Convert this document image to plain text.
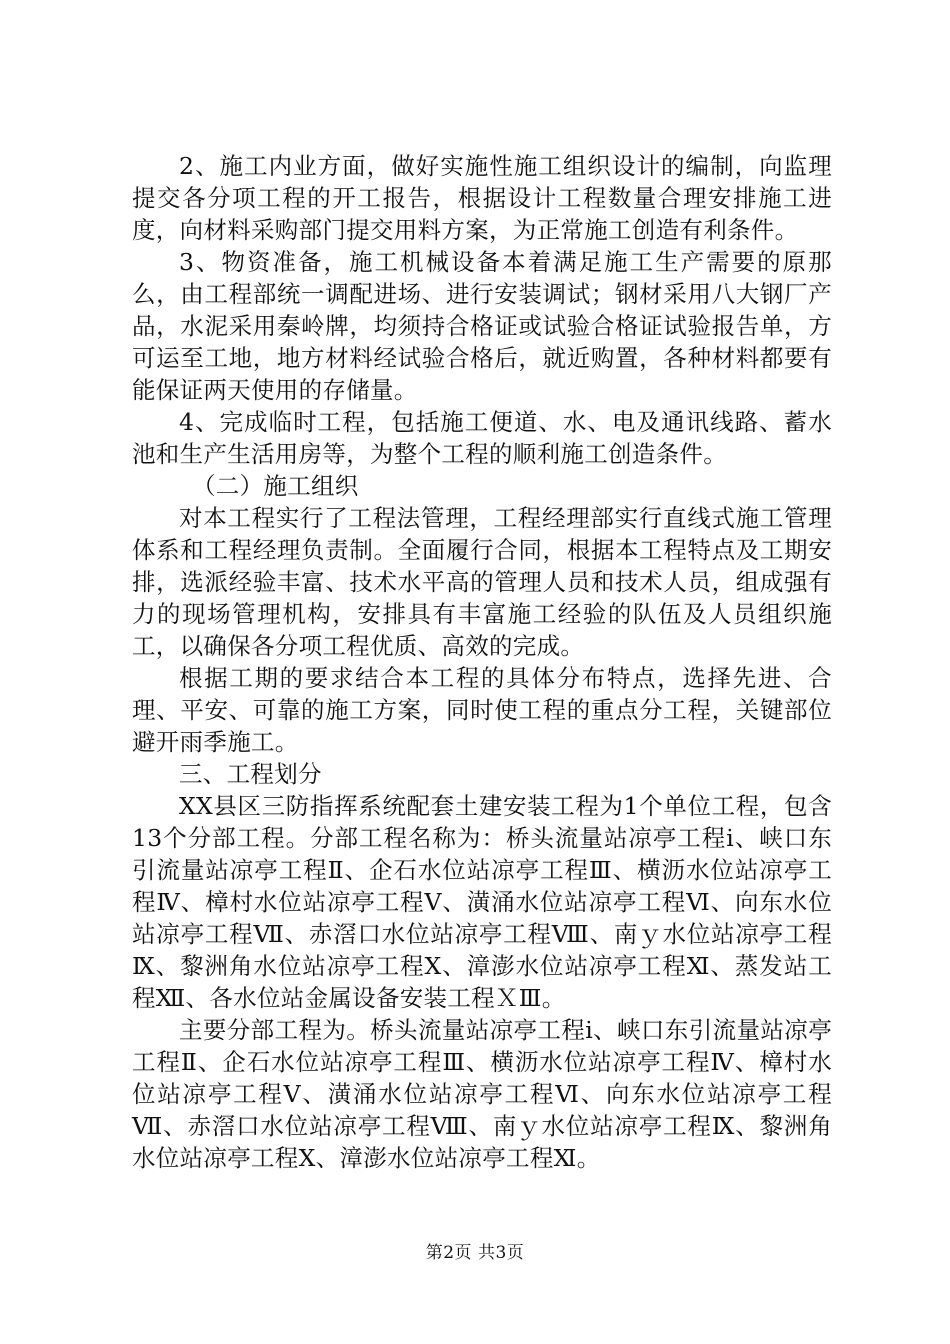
2、施工内业方面，做好实施性施工组织设计的编制，向监理提交各分项工程的开工报告，根据设计工程数量合理安排施工进度，向材料采购部门提交用料方案，为正常施工创造有利条件。

3、物资准备，施工机械设备本着满足施工生产需要的原那么，由工程部统一调配进场、进行安装调试；钢材采用八大钢厂产品，水泥采用秦岭牌，均须持合格证或试验合格证试验报告单，方可运至工地，地方材料经试验合格后，就近购置，各种材料都要有能保证两天使用的存储量。

4、完成临时工程，包括施工便道、水、电及通讯线路、蓄水池和生产生活用房等，为整个工程的顺利施工创造条件。

（二）施工组织

对本工程实行了工程法管理，工程经理部实行直线式施工管理体系和工程经理负责制。全面履行合同，根据本工程特点及工期安排，选派经验丰富、技术水平高的管理人员和技术人员，组成强有力的现场管理机构，安排具有丰富施工经验的队伍及人员组织施工，以确保各分项工程优质、高效的完成。

根据工期的要求结合本工程的具体分布特点，选择先进、合理、平安、可靠的施工方案，同时使工程的重点分工程，关键部位避开雨季施工。

三、工程划分

XX县区三防指挥系统配套土建安装工程为1个单位工程，包含13个分部工程。分部工程名称为：桥头流量站凉亭工程ⅰ、峡口东引流量站凉亭工程Ⅱ、企石水位站凉亭工程Ⅲ、横沥水位站凉亭工程Ⅳ、樟村水位站凉亭工程Ⅴ、潢涌水位站凉亭工程Ⅵ、向东水位站凉亭工程Ⅶ、赤滘口水位站凉亭工程Ⅷ、南ｙ水位站凉亭工程Ⅸ、黎洲角水位站凉亭工程Ⅹ、漳澎水位站凉亭工程Ⅺ、蒸发站工程Ⅻ、各水位站金属设备安装工程ＸⅢ。

主要分部工程为。桥头流量站凉亭工程ⅰ、峡口东引流量站凉亭工程Ⅱ、企石水位站凉亭工程Ⅲ、横沥水位站凉亭工程Ⅳ、樟村水位站凉亭工程Ⅴ、潢涌水位站凉亭工程Ⅵ、向东水位站凉亭工程Ⅶ、赤滘口水位站凉亭工程Ⅷ、南ｙ水位站凉亭工程Ⅸ、黎洲角水位站凉亭工程Ⅹ、漳澎水位站凉亭工程Ⅺ。

第2页 共3页
